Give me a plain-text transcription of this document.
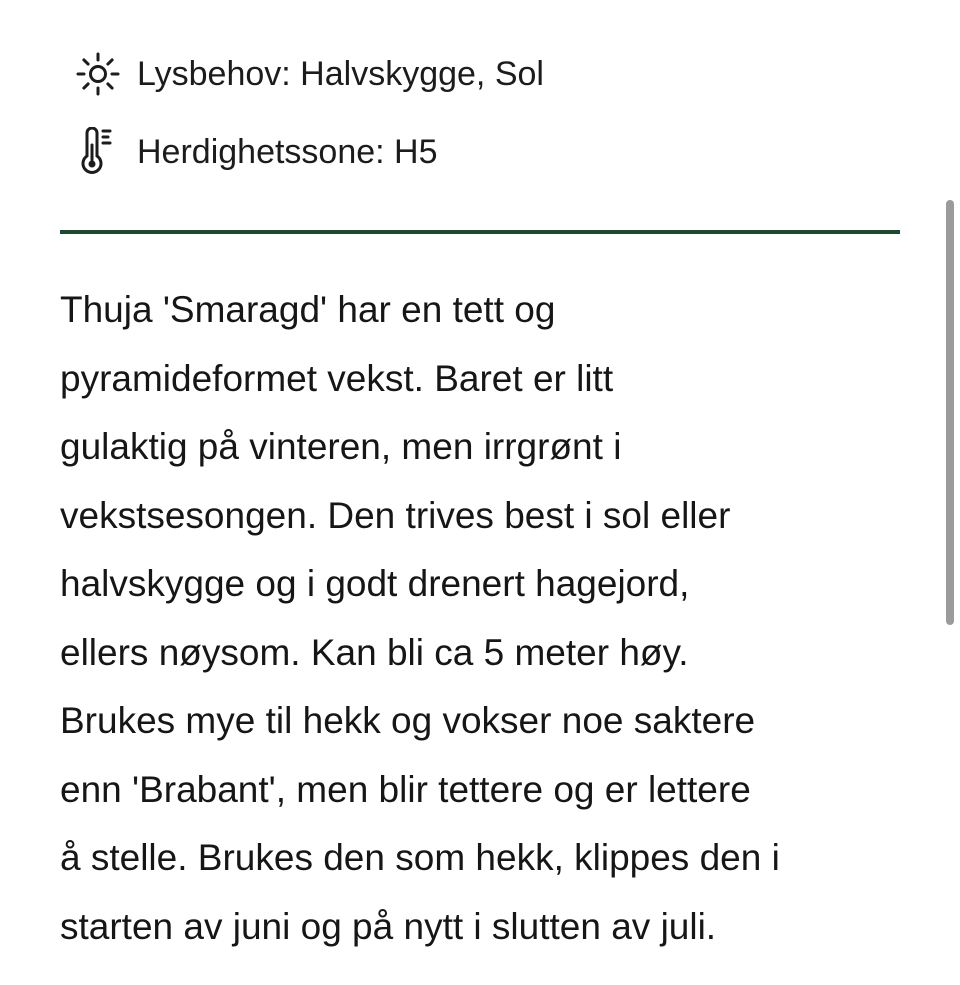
Lysbehov: Halvskygge, Sol
Herdighetssone: H5

Thuja 'Smaragd' har en tett og
pyramideformet vekst. Baret er litt
gulaktig på vinteren, men irrgrønt i
vekstsesongen. Den trives best i sol eller
halvskygge og i godt drenert hagejord,
ellers nøysom. Kan bli ca 5 meter høy.
Brukes mye til hekk og vokser noe saktere
enn 'Brabant', men blir tettere og er lettere
å stelle. Brukes den som hekk, klippes den i
starten av juni og på nytt i slutten av juli.
